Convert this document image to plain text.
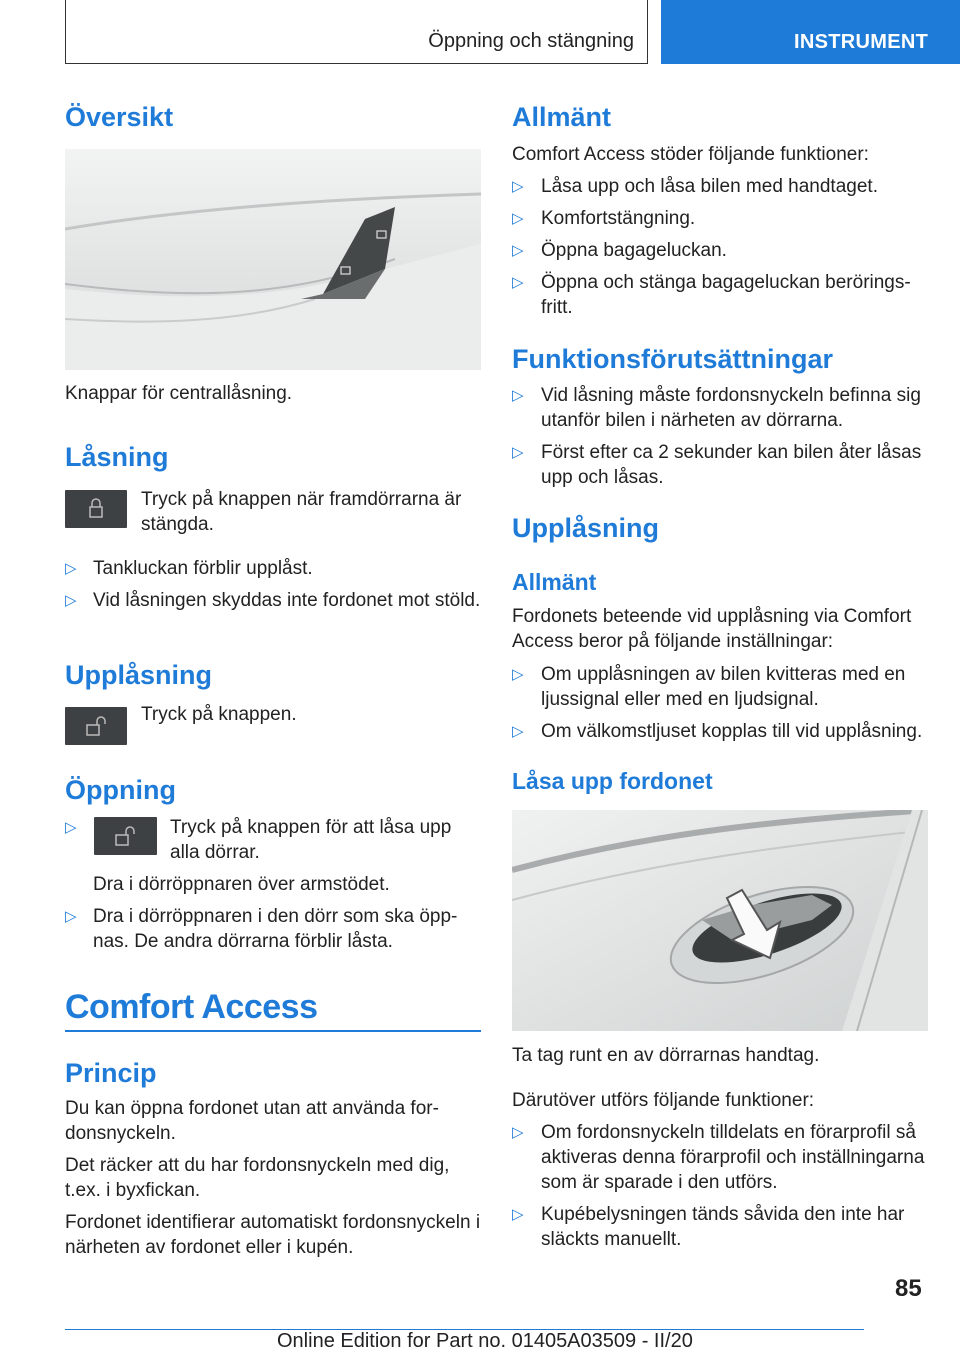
Öppning och stängning	INSTRUMENT
Översikt
Knappar för centrallåsning.
Låsning
Tryck på knappen när framdörrarna är stängda.
▷ Tankluckan förblir upplåst.
▷ Vid låsningen skyddas inte fordonet mot stöld.
Upplåsning
Tryck på knappen.
Öppning
▷	Tryck på knappen för att låsa upp alla dörrar.
Dra i dörröppnaren över armstödet.
▷ Dra i dörröppnaren i den dörr som ska öpp‐nas. De andra dörrarna förblir låsta.
Comfort Access
Princip
Du kan öppna fordonet utan att använda for‐donsnyckeln.
Det räcker att du har fordonsnyckeln med dig, t.ex. i byxfickan.
Fordonet identifierar automatiskt fordonsnyckeln i närheten av fordonet eller i kupén.
Allmänt
Comfort Access stöder följande funktioner:
▷ Låsa upp och låsa bilen med handtaget.
▷ Komfortstängning.
▷ Öppna bagageluckan.
▷ Öppna och stänga bagageluckan berörings‐fritt.
Funktionsförutsättningar
▷ Vid låsning måste fordonsnyckeln befinna sig utanför bilen i närheten av dörrarna.
▷ Först efter ca 2 sekunder kan bilen åter låsas upp och låsas.
Upplåsning
Allmänt
Fordonets beteende vid upplåsning via Comfort Access beror på följande inställningar:
▷ Om upplåsningen av bilen kvitteras med en ljussignal eller med en ljudsignal.
▷ Om välkomstljuset kopplas till vid upplåsning.
Låsa upp fordonet
Ta tag runt en av dörrarnas handtag.
Därutöver utförs följande funktioner:
▷ Om fordonsnyckeln tilldelats en förarprofil så aktiveras denna förarprofil och inställningarna som är sparade i den utförs.
▷ Kupébelysningen tänds såvida den inte har släckts manuellt.
85
Online Edition for Part no. 01405A03509 - II/20
